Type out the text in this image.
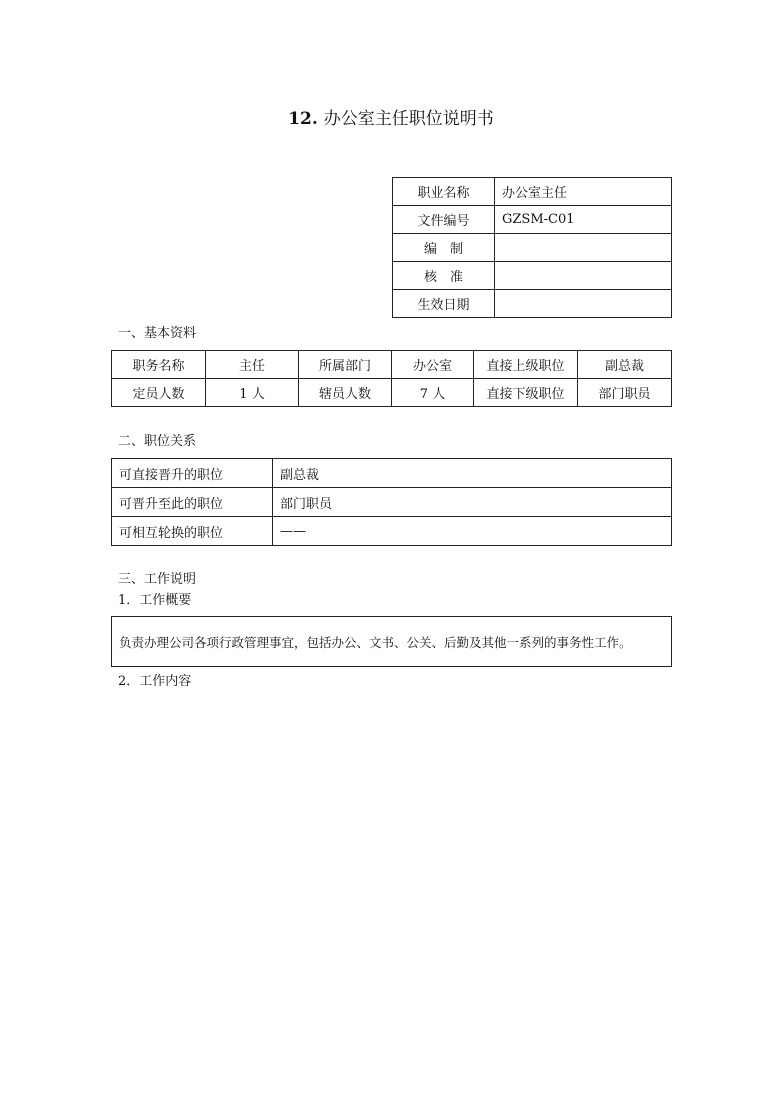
12. 办公室主任职位说明书
职业名称	办公室主任
文件编号	GZSM-C01
编　制	
核　准	
生效日期	
一、基本资料
职务名称	主任	所属部门	办公室	直接上级职位	副总裁
定员人数	1 人	辖员人数	7 人	直接下级职位	部门职员
二、职位关系
可直接晋升的职位	副总裁
可晋升至此的职位	部门职员
可相互轮换的职位	——
三、工作说明
1．工作概要
负责办理公司各项行政管理事宜，包括办公、文书、公关、后勤及其他一系列的事务性工作。
2．工作内容
